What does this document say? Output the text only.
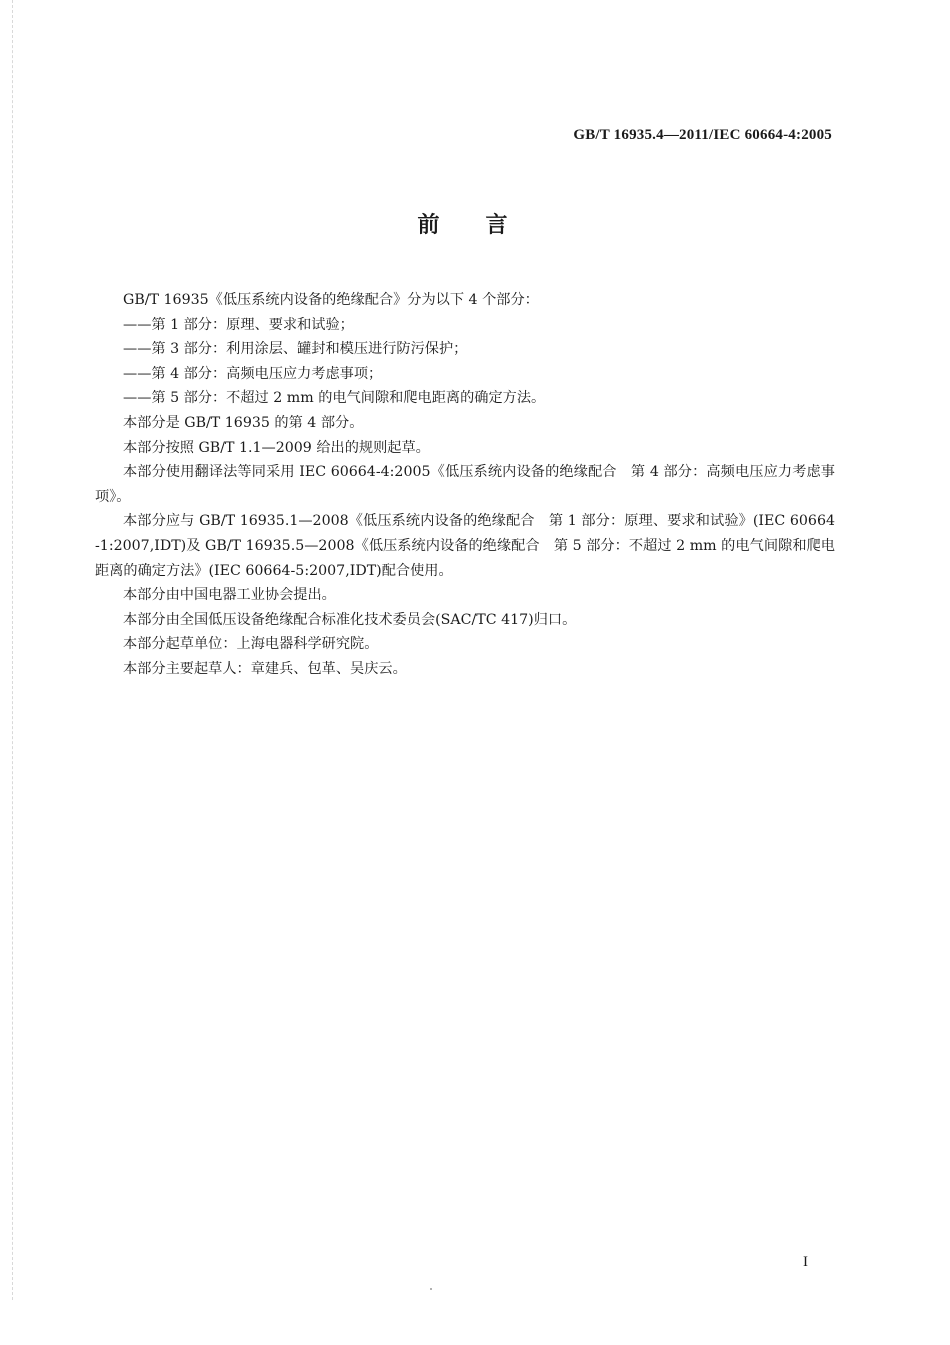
GB/T 16935.4—2011/IEC 60664-4:2005
前言

GB/T 16935《低压系统内设备的绝缘配合》分为以下 4 个部分：

——第 1 部分：原理、要求和试验；

——第 3 部分：利用涂层、罐封和模压进行防污保护；

——第 4 部分：高频电压应力考虑事项；

——第 5 部分：不超过 2 mm 的电气间隙和爬电距离的确定方法。

本部分是 GB/T 16935 的第 4 部分。

本部分按照 GB/T 1.1—2009 给出的规则起草。

本部分使用翻译法等同采用 IEC 60664-4:2005《低压系统内设备的绝缘配合　第 4 部分：高频电压应力考虑事项》。

本部分应与 GB/T 16935.1—2008《低压系统内设备的绝缘配合　第 1 部分：原理、要求和试验》(IEC 60664-1:2007,IDT)及 GB/T 16935.5—2008《低压系统内设备的绝缘配合　第 5 部分：不超过 2 mm 的电气间隙和爬电距离的确定方法》(IEC 60664-5:2007,IDT)配合使用。

本部分由中国电器工业协会提出。

本部分由全国低压设备绝缘配合标准化技术委员会(SAC/TC 417)归口。

本部分起草单位：上海电器科学研究院。

本部分主要起草人：章建兵、包革、吴庆云。

I
